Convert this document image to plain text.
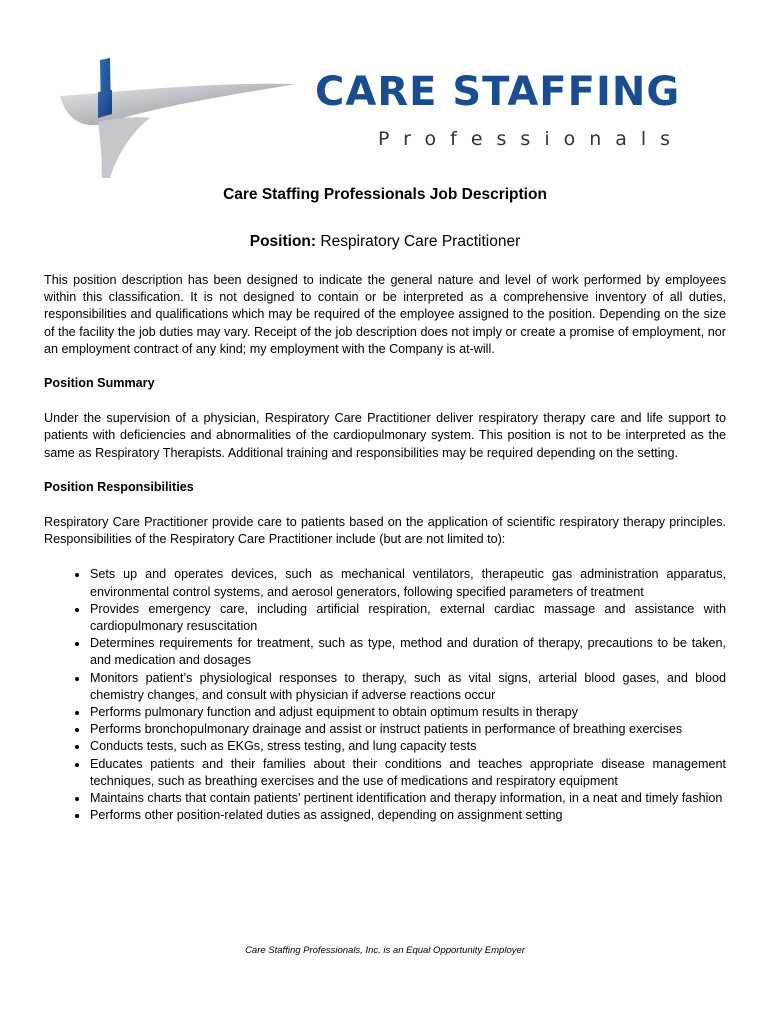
CARE STAFFING
Professionals
Care Staffing Professionals Job Description

Position: Respiratory Care Practitioner

This position description has been designed to indicate the general nature and level of work performed by employees within this classification. It is not designed to contain or be interpreted as a comprehensive inventory of all duties, responsibilities and qualifications which may be required of the employee assigned to the position. Depending on the size of the facility the job duties may vary. Receipt of the job description does not imply or create a promise of employment, nor an employment contract of any kind; my employment with the Company is at-will.

Position Summary

Under the supervision of a physician, Respiratory Care Practitioner deliver respiratory therapy care and life support to patients with deficiencies and abnormalities of the cardiopulmonary system. This position is not to be interpreted as the same as Respiratory Therapists. Additional training and responsibilities may be required depending on the setting.

Position Responsibilities

Respiratory Care Practitioner provide care to patients based on the application of scientific respiratory therapy principles. Responsibilities of the Respiratory Care Practitioner include (but are not limited to):

• Sets up and operates devices, such as mechanical ventilators, therapeutic gas administration apparatus, environmental control systems, and aerosol generators, following specified parameters of treatment
• Provides emergency care, including artificial respiration, external cardiac massage and assistance with cardiopulmonary resuscitation
• Determines requirements for treatment, such as type, method and duration of therapy, precautions to be taken, and medication and dosages
• Monitors patient’s physiological responses to therapy, such as vital signs, arterial blood gases, and blood chemistry changes, and consult with physician if adverse reactions occur
• Performs pulmonary function and adjust equipment to obtain optimum results in therapy
• Performs bronchopulmonary drainage and assist or instruct patients in performance of breathing exercises
• Conducts tests, such as EKGs, stress testing, and lung capacity tests
• Educates patients and their families about their conditions and teaches appropriate disease management techniques, such as breathing exercises and the use of medications and respiratory equipment
• Maintains charts that contain patients’ pertinent identification and therapy information, in a neat and timely fashion
• Performs other position-related duties as assigned, depending on assignment setting

Care Staffing Professionals, Inc. is an Equal Opportunity Employer
